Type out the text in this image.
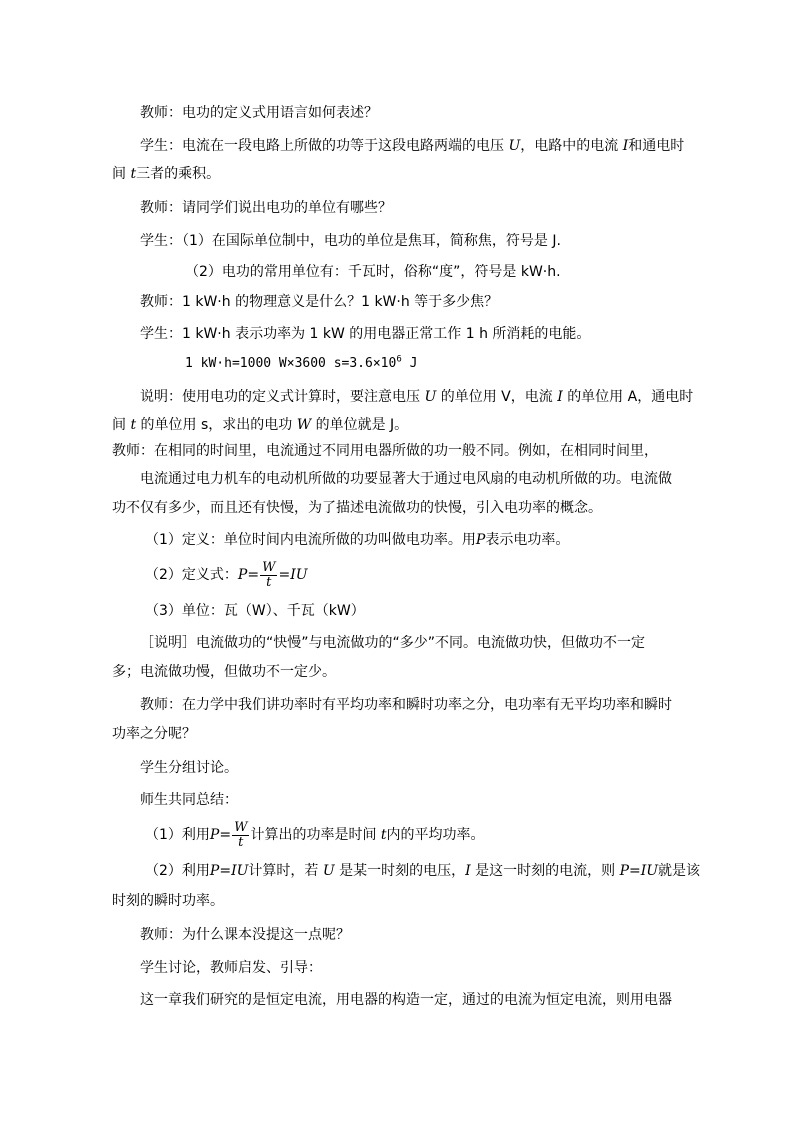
教师：电功的定义式用语言如何表述？
学生：电流在一段电路上所做的功等于这段电路两端的电压 U，电路中的电流 I和通电时
间 t三者的乘积。
教师：请同学们说出电功的单位有哪些？
学生：（1）在国际单位制中，电功的单位是焦耳，简称焦，符号是 J.
（2）电功的常用单位有：千瓦时，俗称“度”，符号是 kW·h.
教师：1 kW·h 的物理意义是什么？1 kW·h 等于多少焦？
学生：1 kW·h 表示功率为 1 kW 的用电器正常工作 1 h 所消耗的电能。
1 kW·h=1000 W×3600 $s=3.6\times 10^6$ J
说明：使用电功的定义式计算时，要注意电压 U 的单位用 V，电流 I 的单位用 A，通电时
间 t 的单位用 s，求出的电功 W 的单位就是 J。
教师：在相同的时间里，电流通过不同用电器所做的功一般不同。例如，在相同时间里，
电流通过电力机车的电动机所做的功要显著大于通过电风扇的电动机所做的功。电流做
功不仅有多少，而且还有快慢，为了描述电流做功的快慢，引入电功率的概念。
（1）定义：单位时间内电流所做的功叫做电功率。用P表示电功率。
（2）定义式：$P= \frac{W}{t} =IU$
（3）单位：瓦（W）、千瓦（kW）
［说明］电流做功的“快慢”与电流做功的“多少”不同。电流做功快，但做功不一定
多；电流做功慢，但做功不一定少。
教师：在力学中我们讲功率时有平均功率和瞬时功率之分，电功率有无平均功率和瞬时
功率之分呢？
学生分组讨论。
师生共同总结：
（1）利用$P= \frac{W}{t}$ 计算出的功率是时间 t内的平均功率。
（2）利用P=IU计算时，若 U 是某一时刻的电压，I 是这一时刻的电流，则 P=IU就是该
时刻的瞬时功率。
教师：为什么课本没提这一点呢？
学生讨论，教师启发、引导：
这一章我们研究的是恒定电流，用电器的构造一定，通过的电流为恒定电流，则用电器
